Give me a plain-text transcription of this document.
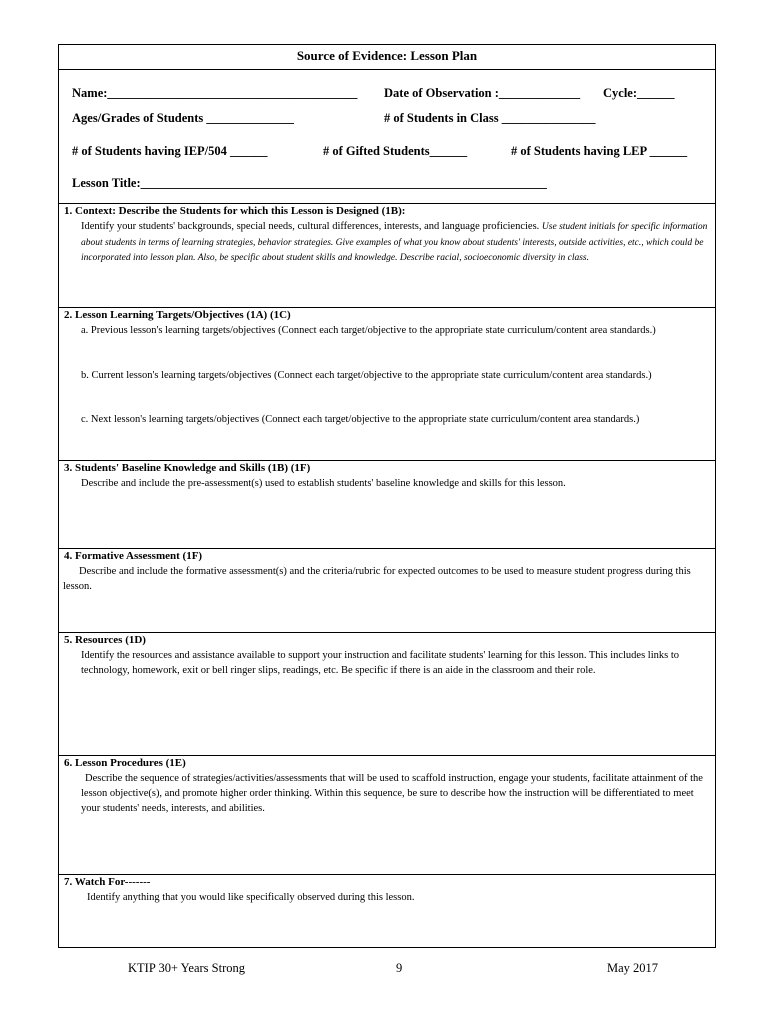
Source of Evidence: Lesson Plan
Name:________________________________________ Date of Observation :_____________ Cycle:______
Ages/Grades of Students ______________	# of Students in Class _______________
# of Students having IEP/504 ______	# of Gifted Students______	# of Students having LEP ______
Lesson Title:_________________________________________________________________
1. Context: Describe the Students for which this Lesson is Designed (1B):
Identify your students' backgrounds, special needs, cultural differences, interests, and language proficiencies. Use student initials for specific information about students in terms of learning strategies, behavior strategies. Give examples of what you know about students' interests, outside activities, etc., which could be incorporated into lesson plan. Also, be specific about student skills and knowledge. Describe racial, socioeconomic diversity in class.
2. Lesson Learning Targets/Objectives (1A) (1C)
a. Previous lesson's learning targets/objectives (Connect each target/objective to the appropriate state curriculum/content area standards.)
b. Current lesson's learning targets/objectives (Connect each target/objective to the appropriate state curriculum/content area standards.)
c. Next lesson's learning targets/objectives (Connect each target/objective to the appropriate state curriculum/content area standards.)
3. Students' Baseline Knowledge and Skills (1B) (1F)
Describe and include the pre-assessment(s) used to establish students' baseline knowledge and skills for this lesson.
4. Formative Assessment (1F)
Describe and include the formative assessment(s) and the criteria/rubric for expected outcomes to be used to measure student progress during this lesson.
5. Resources (1D)
Identify the resources and assistance available to support your instruction and facilitate students' learning for this lesson. This includes links to technology, homework, exit or bell ringer slips, readings, etc. Be specific if there is an aide in the classroom and their role.
6. Lesson Procedures (1E)
Describe the sequence of strategies/activities/assessments that will be used to scaffold instruction, engage your students, facilitate attainment of the lesson objective(s), and promote higher order thinking. Within this sequence, be sure to describe how the instruction will be differentiated to meet your students' needs, interests, and abilities.
7. Watch For-------
Identify anything that you would like specifically observed during this lesson.
KTIP 30+ Years Strong	9	May 2017
